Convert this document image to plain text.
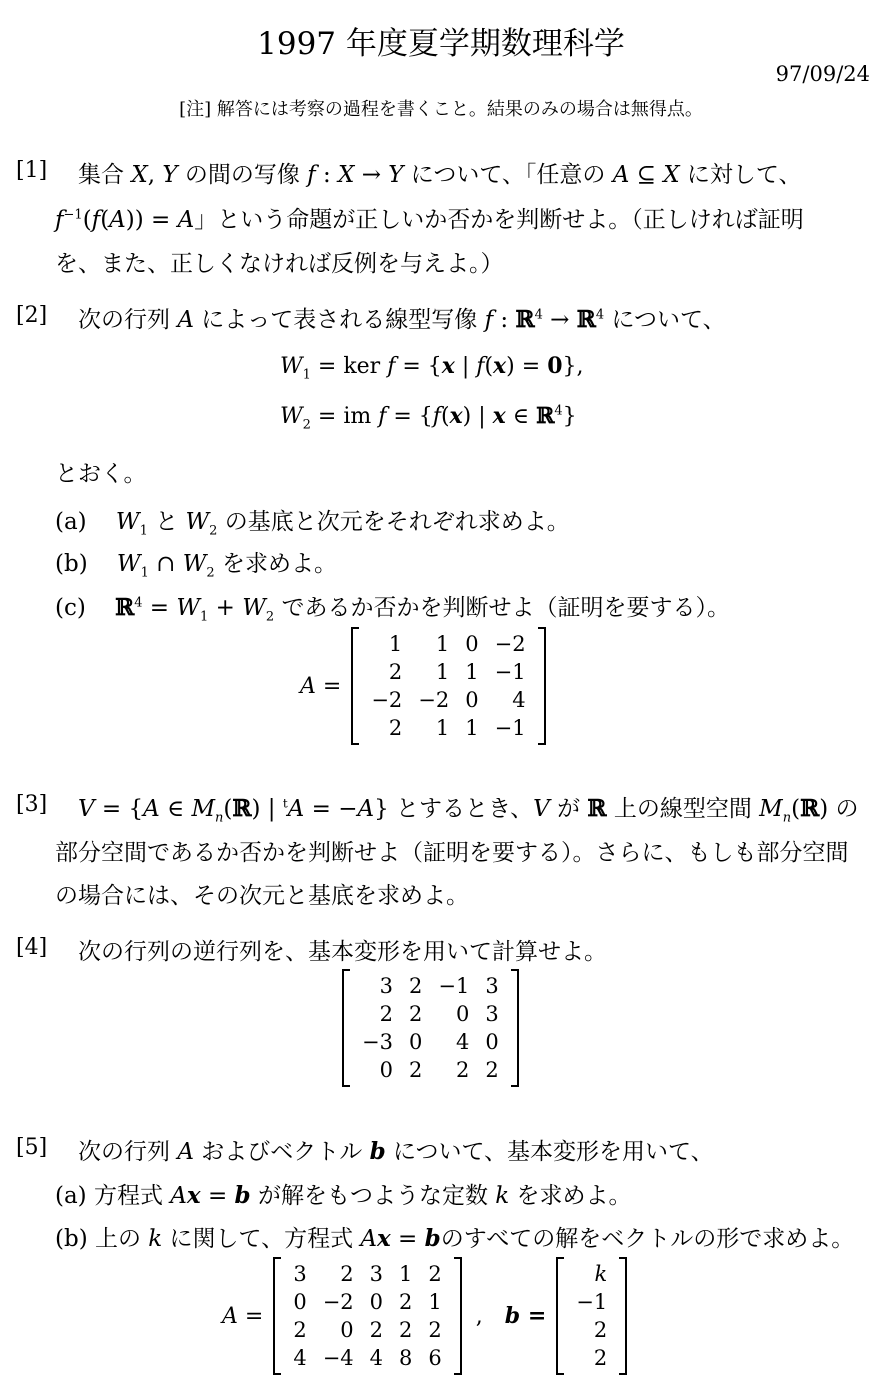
1997 年度夏学期数理科学
97/09/24
[注] 解答には考察の過程を書くこと。結果のみの場合は無得点。
[1] 集合 X, Y の間の写像 f : X → Y について、「任意の A ⊆ X に対して、
$f^{-1}(f(A)) = A$」という命題が正しいか否かを判断せよ。（正しければ証明
を、また、正しくなければ反例を与えよ。）
[2] 次の行列 A によって表される線型写像 f : ℝ$^4$ → ℝ$^4$ について、
$W_1$ = ker f = {x | f(x) = 0},
$W_2$ = im f = {f(x) | x ∈ ℝ$^4$}
とおく。
(a) $W_1$ と $W_2$ の基底と次元をそれぞれ求めよ。
(b) $W_1$ ∩ $W_2$ を求めよ。
(c) ℝ$^4$ = $W_1 + W_2$ であるか否かを判断せよ（証明を要する）。
A =
1	1	0	−2
2	1	1	−1
−2	−2	0	4
2	1	1	−1
[3] V = {A ∈ $M_n(ℝ)$ | $^t$A = −A} とするとき、V が ℝ 上の線型空間 $M_n(ℝ)$ の
部分空間であるか否かを判断せよ（証明を要する）。さらに、もしも部分空間
の場合には、その次元と基底を求めよ。
[4] 次の行列の逆行列を、基本変形を用いて計算せよ。
3	2	−1	3
2	2	0	3
−3	0	4	0
0	2	2	2
[5] 次の行列 A およびベクトル b について、基本変形を用いて、
(a) 方程式 Ax = b が解をもつような定数 k を求めよ。
(b) 上の k に関して、方程式 Ax = bのすべての解をベクトルの形で求めよ。
A =
3	2	3	1	2
0	−2	0	2	1
2	0	2	2	2
4	−4	4	8	6
, b =
k
−1
2
2
